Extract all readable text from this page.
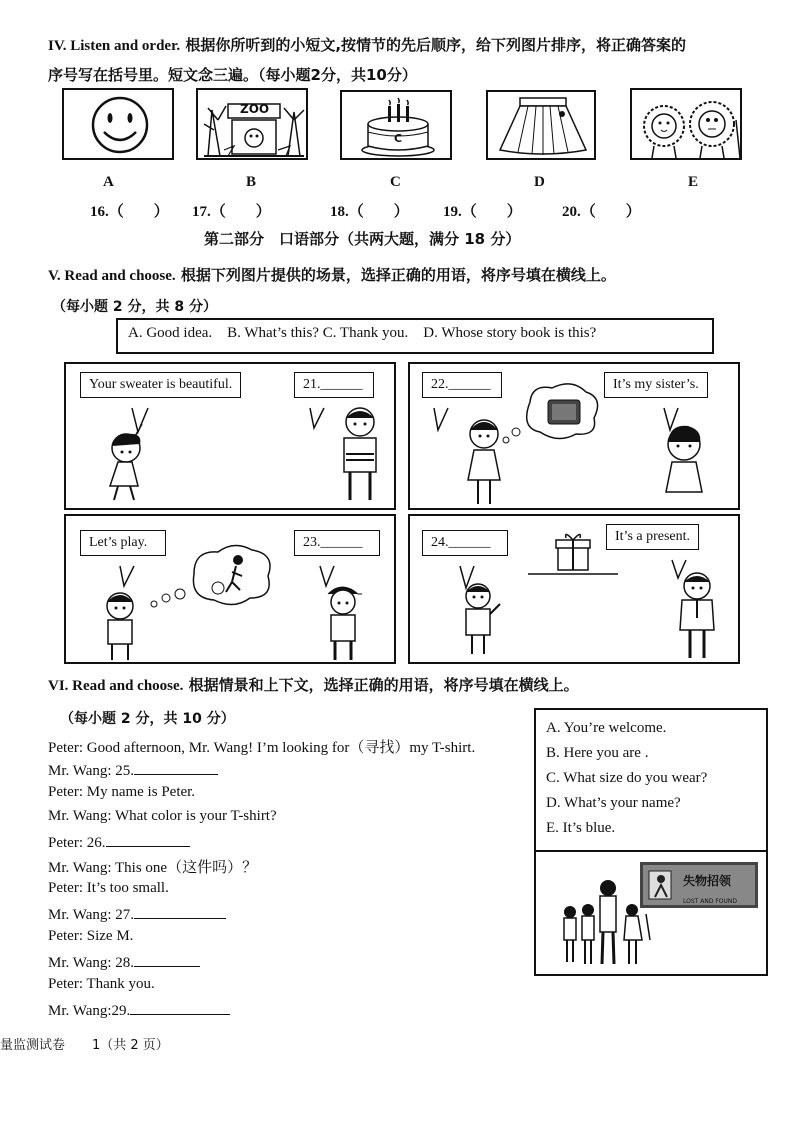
IV. Listen and order. 根据你所听到的小短文,按情节的先后顺序，给下列图片排序，将正确答案的
序号写在括号里。短文念三遍。（每小题2分，共10分）
ZOO
C
A	B	C	D	E
16.（　　） 17.（　　）	18.（　　） 19.（　　）	20.（　　）
第二部分　口语部分（共两大题，满分 18 分）
V. Read and choose. 根据下列图片提供的场景，选择正确的用语，将序号填在横线上。
（每小题 2 分，共 8 分）
A. Good idea.    B. What’s this? C. Thank you.    D. Whose story book is this?
Your sweater is beautiful.	21.______	22.______	It’s my sister’s.
Let’s play.	23.______	24.______	It’s a present.
VI. Read and choose. 根据情景和上下文，选择正确的用语，将序号填在横线上。
（每小题 2 分，共 10 分）
Peter: Good afternoon, Mr. Wang! I’m looking for（寻找）my T-shirt.
Mr. Wang: 25.
Peter: My name is Peter.
Mr. Wang: What color is your T-shirt?
Peter: 26.
Mr. Wang: This one（这件吗）？
Peter: It’s too small.
Mr. Wang: 27.
Peter: Size M.
Mr. Wang: 28.
Peter: Thank you.
Mr. Wang:29.
A. You’re welcome.
B. Here you are .
C. What size do you wear?
D. What’s your name?
E. It’s blue.
失物招领
LOST AND FOUND
量监测试卷 1（共 2 页）
